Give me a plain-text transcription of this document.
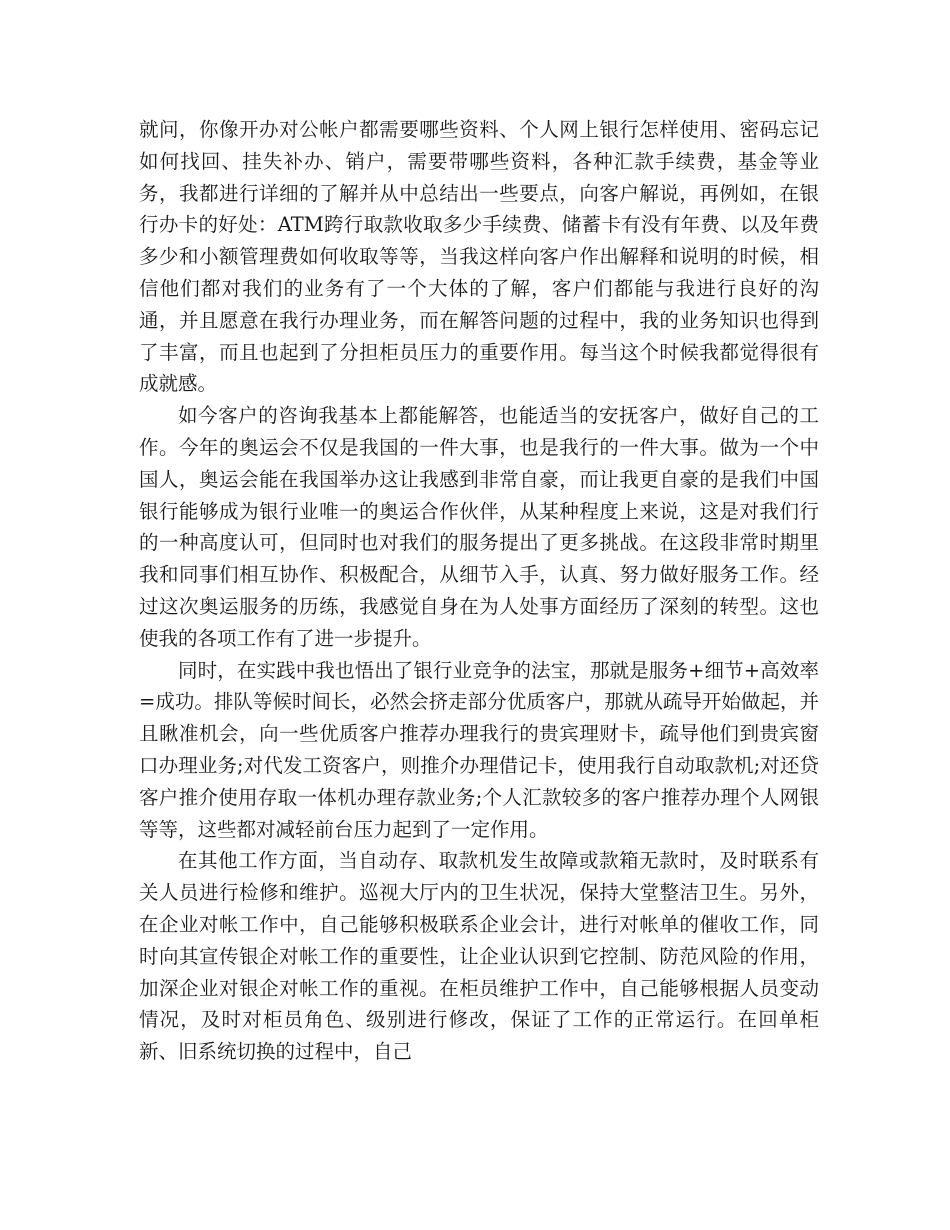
就问，你像开办对公帐户都需要哪些资料、个人网上银行怎样使用、密码忘记如何找回、挂失补办、销户，需要带哪些资料，各种汇款手续费，基金等业务，我都进行详细的了解并从中总结出一些要点，向客户解说，再例如，在银行办卡的好处：ATM跨行取款收取多少手续费、储蓄卡有没有年费、以及年费多少和小额管理费如何收取等等，当我这样向客户作出解释和说明的时候，相信他们都对我们的业务有了一个大体的了解，客户们都能与我进行良好的沟通，并且愿意在我行办理业务，而在解答问题的过程中，我的业务知识也得到了丰富，而且也起到了分担柜员压力的重要作用。每当这个时候我都觉得很有成就感。

如今客户的咨询我基本上都能解答，也能适当的安抚客户，做好自己的工作。今年的奥运会不仅是我国的一件大事，也是我行的一件大事。做为一个中国人，奥运会能在我国举办这让我感到非常自豪，而让我更自豪的是我们中国银行能够成为银行业唯一的奥运合作伙伴，从某种程度上来说，这是对我们行的一种高度认可，但同时也对我们的服务提出了更多挑战。在这段非常时期里我和同事们相互协作、积极配合，从细节入手，认真、努力做好服务工作。经过这次奥运服务的历练，我感觉自身在为人处事方面经历了深刻的转型。这也使我的各项工作有了进一步提升。

同时，在实践中我也悟出了银行业竞争的法宝，那就是服务+细节+高效率=成功。排队等候时间长，必然会挤走部分优质客户，那就从疏导开始做起，并且瞅准机会，向一些优质客户推荐办理我行的贵宾理财卡，疏导他们到贵宾窗口办理业务;对代发工资客户，则推介办理借记卡，使用我行自动取款机;对还贷客户推介使用存取一体机办理存款业务;个人汇款较多的客户推荐办理个人网银等等，这些都对减轻前台压力起到了一定作用。

在其他工作方面，当自动存、取款机发生故障或款箱无款时，及时联系有关人员进行检修和维护。巡视大厅内的卫生状况，保持大堂整洁卫生。另外，在企业对帐工作中，自己能够积极联系企业会计，进行对帐单的催收工作，同时向其宣传银企对帐工作的重要性，让企业认识到它控制、防范风险的作用，加深企业对银企对帐工作的重视。在柜员维护工作中，自己能够根据人员变动情况，及时对柜员角色、级别进行修改，保证了工作的正常运行。在回单柜新、旧系统切换的过程中，自己
